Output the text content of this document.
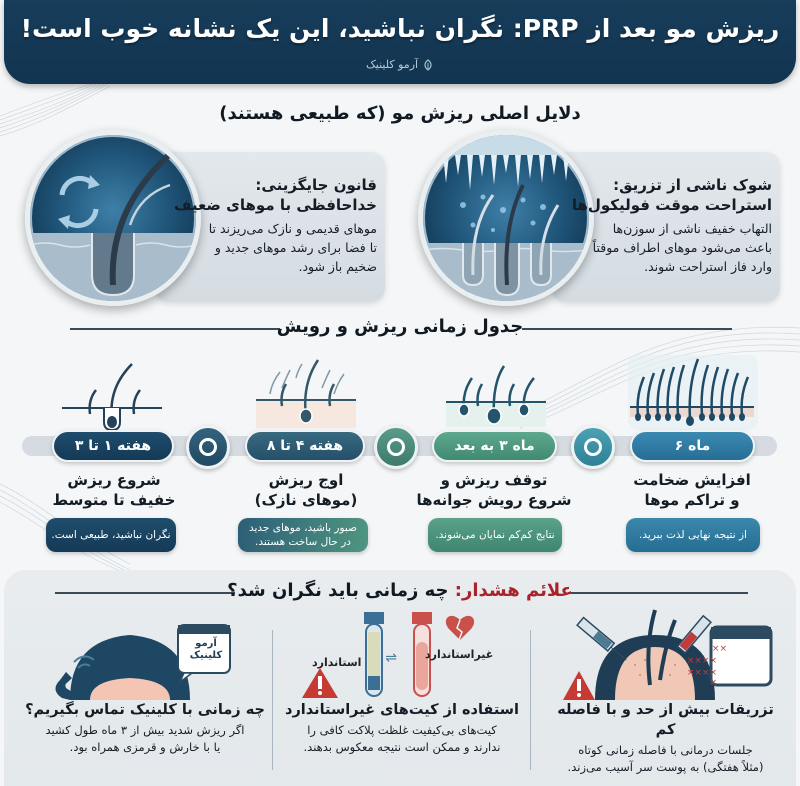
ریزش مو بعد از PRP: نگران نباشید، این یک نشانه خوب است!
آرمو کلینیک
دلایل اصلی ریزش مو (که طبیعی هستند)
شوک ناشی از تزریق:
استراحت موقت فولیکول‌ها
التهاب خفیف ناشی از سوزن‌ها
باعث می‌شود موهای اطراف موقتاً
وارد فاز استراحت شوند.
قانون جایگزینی:
خداحافظی با موهای ضعیف
موهای قدیمی و نازک می‌ریزند تا
تا فضا برای رشد موهای جدید و
ضخیم باز شود.
جدول زمانی ریزش و رویش
ماه ۶
ماه ۳ به بعد
هفته ۴ تا ۸
هفته ۱ تا ۳
افزایش ضخامت
و تراکم موها
توقف ریزش و
شروع رویش جوانه‌ها
اوج ریزش
(موهای نازک)
شروع ریزش
خفیف تا متوسط
از نتیجه نهایی لذت ببرید.
نتایج کم‌کم نمایان می‌شوند.
صبور باشید، موهای جدید
در حال ساخت هستند.
نگران نباشید، طبیعی است.
علائم هشدار: چه زمانی باید نگران شد؟
××
××××
××××
×
تزریقات بیش از حد و با فاصله کم
جلسات درمانی با فاصله زمانی کوتاه
(مثلاً هفتگی) به پوست سر آسیب می‌زند.
⇌	غیراستاندارد
استاندارد
استفاده از کیت‌های غیراستاندارد
کیت‌های بی‌کیفیت غلظت پلاکت کافی را
ندارند و ممکن است نتیجه معکوس بدهند.
آرمو
کلینیک
چه زمانی با کلینیک تماس بگیریم؟
اگر ریزش شدید بیش از ۳ ماه طول کشید
یا با خارش و قرمزی همراه بود.
